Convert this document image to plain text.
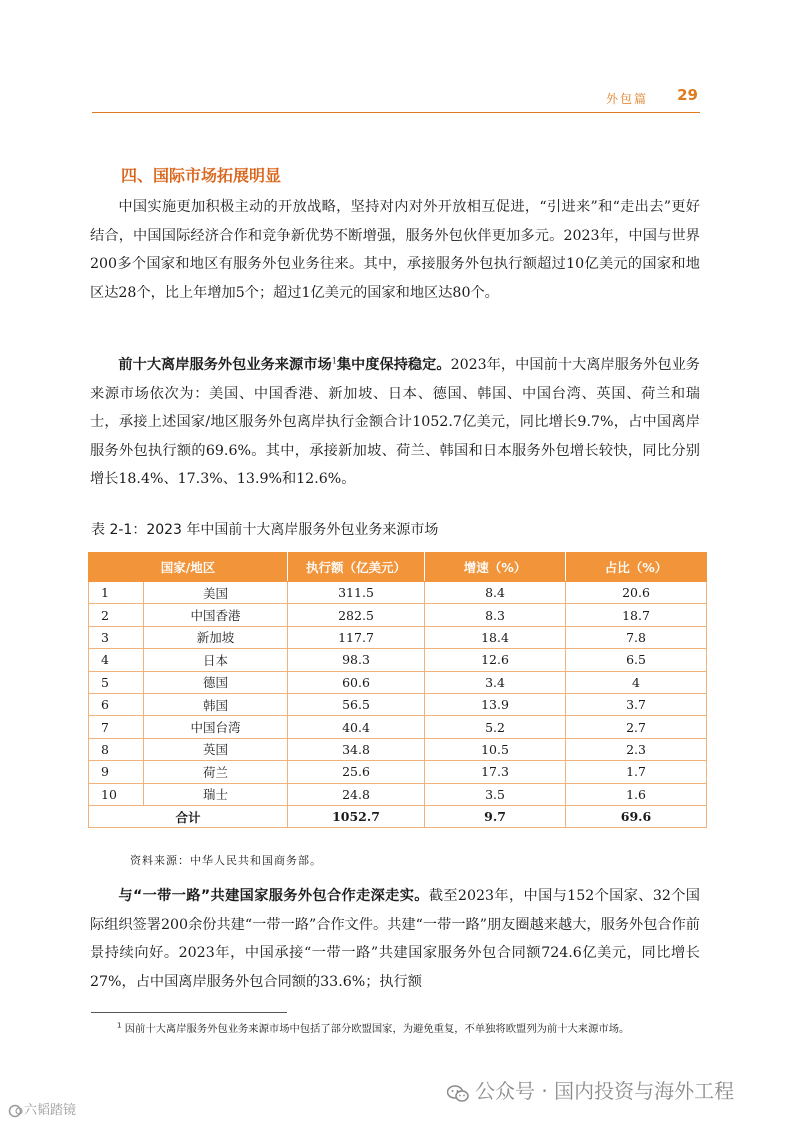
外包篇 29
四、国际市场拓展明显

中国实施更加积极主动的开放战略，坚持对内对外开放相互促进，“引进来”和“走出去”更好结合，中国国际经济合作和竞争新优势不断增强，服务外包伙伴更加多元。2023年，中国与世界200多个国家和地区有服务外包业务往来。其中，承接服务外包执行额超过10亿美元的国家和地区达28个，比上年增加5个；超过1亿美元的国家和地区达80个。

前十大离岸服务外包业务来源市场$^1$集中度保持稳定。2023年，中国前十大离岸服务外包业务来源市场依次为：美国、中国香港、新加坡、日本、德国、韩国、中国台湾、英国、荷兰和瑞士，承接上述国家/地区服务外包离岸执行金额合计1052.7亿美元，同比增长9.7%，占中国离岸服务外包执行额的69.6%。其中，承接新加坡、荷兰、韩国和日本服务外包增长较快，同比分别增长18.4%、17.3%、13.9%和12.6%。

表 2-1：2023 年中国前十大离岸服务外包业务来源市场
国家/地区		执行额（亿美元）	增速（%）	占比（%）
1	美国	311.5	8.4	20.6
2	中国香港	282.5	8.3	18.7
3	新加坡	117.7	18.4	7.8
4	日本	98.3	12.6	6.5
5	德国	60.6	3.4	4
6	韩国	56.5	13.9	3.7
7	中国台湾	40.4	5.2	2.7
8	英国	34.8	10.5	2.3
9	荷兰	25.6	17.3	1.7
10	瑞士	24.8	3.5	1.6
合计		1052.7	9.7	69.6
资料来源：中华人民共和国商务部。

与“一带一路”共建国家服务外包合作走深走实。截至2023年，中国与152个国家、32个国际组织签署200余份共建“一带一路”合作文件。共建“一带一路”朋友圈越来越大，服务外包合作前景持续向好。2023年，中国承接“一带一路”共建国家服务外包合同额724.6亿美元，同比增长27%，占中国离岸服务外包合同额的33.6%；执行额

$^1$ 因前十大离岸服务外包业务来源市场中包括了部分欧盟国家，为避免重复，不单独将欧盟列为前十大来源市场。
公众号 · 国内投资与海外工程
六韬踏镜
